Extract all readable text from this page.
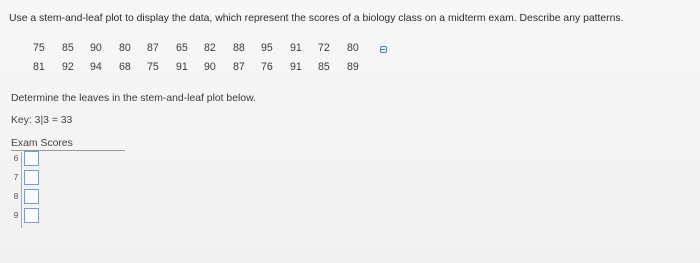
Use a stem-and-leaf plot to display the data, which represent the scores of a biology class on a midterm exam. Describe any patterns.
75 85 90 80 87 65 82 88 95 91 72 80
81 92 94 68 75 91 90 87 76 91 85 89
Determine the leaves in the stem-and-leaf plot below.
Key: 3|3 = 33
Exam Scores
6
7
8
9
